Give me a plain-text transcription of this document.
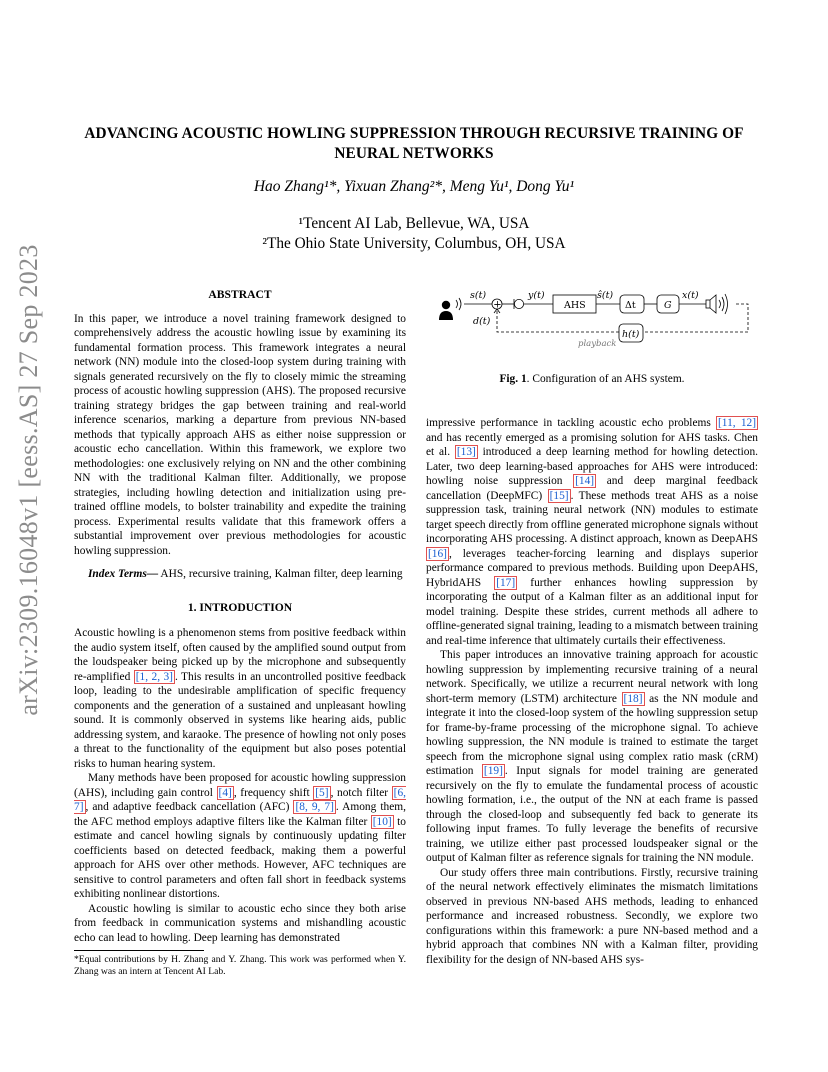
ADVANCING ACOUSTIC HOWLING SUPPRESSION THROUGH RECURSIVE TRAINING OF NEURAL NETWORKS
Hao Zhang¹*, Yixuan Zhang²*, Meng Yu¹, Dong Yu¹
¹Tencent AI Lab, Bellevue, WA, USA
²The Ohio State University, Columbus, OH, USA
arXiv:2309.16048v1 [eess.AS] 27 Sep 2023	ABSTRACT

In this paper, we introduce a novel training framework designed to comprehensively address the acoustic howling issue by examining its fundamental formation process. This framework integrates a neural network (NN) module into the closed-loop system during training with signals generated recursively on the fly to closely mimic the streaming process of acoustic howling suppression (AHS). The proposed recursive training strategy bridges the gap between training and real-world inference scenarios, marking a departure from previous NN-based methods that typically approach AHS as either noise suppression or acoustic echo cancellation. Within this framework, we explore two methodologies: one exclusively relying on NN and the other combining NN with the traditional Kalman filter. Additionally, we propose strategies, including howling detection and initialization using pre-trained offline models, to bolster trainability and expedite the training process. Experimental results validate that this framework offers a substantial improvement over previous methodologies for acoustic howling suppression.

Index Terms— AHS, recursive training, Kalman filter, deep learning

1. INTRODUCTION

Acoustic howling is a phenomenon stems from positive feedback within the audio system itself, often caused by the amplified sound output from the loudspeaker being picked up by the microphone and subsequently re-amplified [1, 2, 3] . This results in an uncontrolled positive feedback loop, leading to the undesirable amplification of specific frequency components and the generation of a sustained and unpleasant howling sound. It is commonly observed in systems like hearing aids, public addressing system, and karaoke. The presence of howling not only poses a threat to the functionality of the equipment but also poses potential risks to human hearing system.

Many methods have been proposed for acoustic howling suppression (AHS), including gain control [4] , frequency shift [5] , notch filter [6, 7] , and adaptive feedback cancellation (AFC) [8, 9, 7] . Among them, the AFC method employs adaptive filters like the Kalman filter [10] to estimate and cancel howling signals by continuously updating filter coefficients based on detected feedback, making them a powerful approach for AHS over other methods. However, AFC techniques are sensitive to control parameters and often fall short in feedback systems exhibiting nonlinear distortions.

Acoustic howling is similar to acoustic echo since they both arise from feedback in communication systems and mishandling acoustic echo can lead to howling. Deep learning has demonstrated

*Equal contributions by H. Zhang and Y. Zhang. This work was performed when Y. Zhang was an intern at Tencent AI Lab.
s(t)
+
d(t)
y(t)
AHS
ŝ(t)
Δt	G
x(t)
h(t)
playback
Fig. 1. Configuration of an AHS system.

impressive performance in tackling acoustic echo problems [11, 12] and has recently emerged as a promising solution for AHS tasks. Chen et al. [13] introduced a deep learning method for howling detection. Later, two deep learning-based approaches for AHS were introduced: howling noise suppression [14] and deep marginal feedback cancellation (DeepMFC) [15] . These methods treat AHS as a noise suppression task, training neural network (NN) modules to estimate target speech directly from offline generated microphone signals without incorporating AHS processing. A distinct approach, known as DeepAHS [16] , leverages teacher-forcing learning and displays superior performance compared to previous methods. Building upon DeepAHS, HybridAHS [17] further enhances howling suppression by incorporating the output of a Kalman filter as an additional input for model training. Despite these strides, current methods all adhere to offline-generated signal training, leading to a mismatch between training and real-time inference that ultimately curtails their effectiveness.

This paper introduces an innovative training approach for acoustic howling suppression by implementing recursive training of a neural network. Specifically, we utilize a recurrent neural network with long short-term memory (LSTM) architecture [18] as the NN module and integrate it into the closed-loop system of the howling suppression setup for frame-by-frame processing of the microphone signal. To achieve howling suppression, the NN module is trained to estimate the target speech from the microphone signal using complex ratio mask (cRM) estimation [19] . Input signals for model training are generated recursively on the fly to emulate the fundamental process of acoustic howling formation, i.e., the output of the NN at each frame is passed through the closed-loop and subsequently fed back to generate its following input frames. To fully leverage the benefits of recursive training, we utilize either past processed loudspeaker signal or the output of Kalman filter as reference signals for training the NN module.

Our study offers three main contributions. Firstly, recursive training of the neural network effectively eliminates the mismatch limitations observed in previous NN-based AHS methods, leading to enhanced performance and increased robustness. Secondly, we explore two configurations within this framework: a pure NN-based method and a hybrid approach that combines NN with a Kalman filter, providing flexibility for the design of NN-based AHS sys-
